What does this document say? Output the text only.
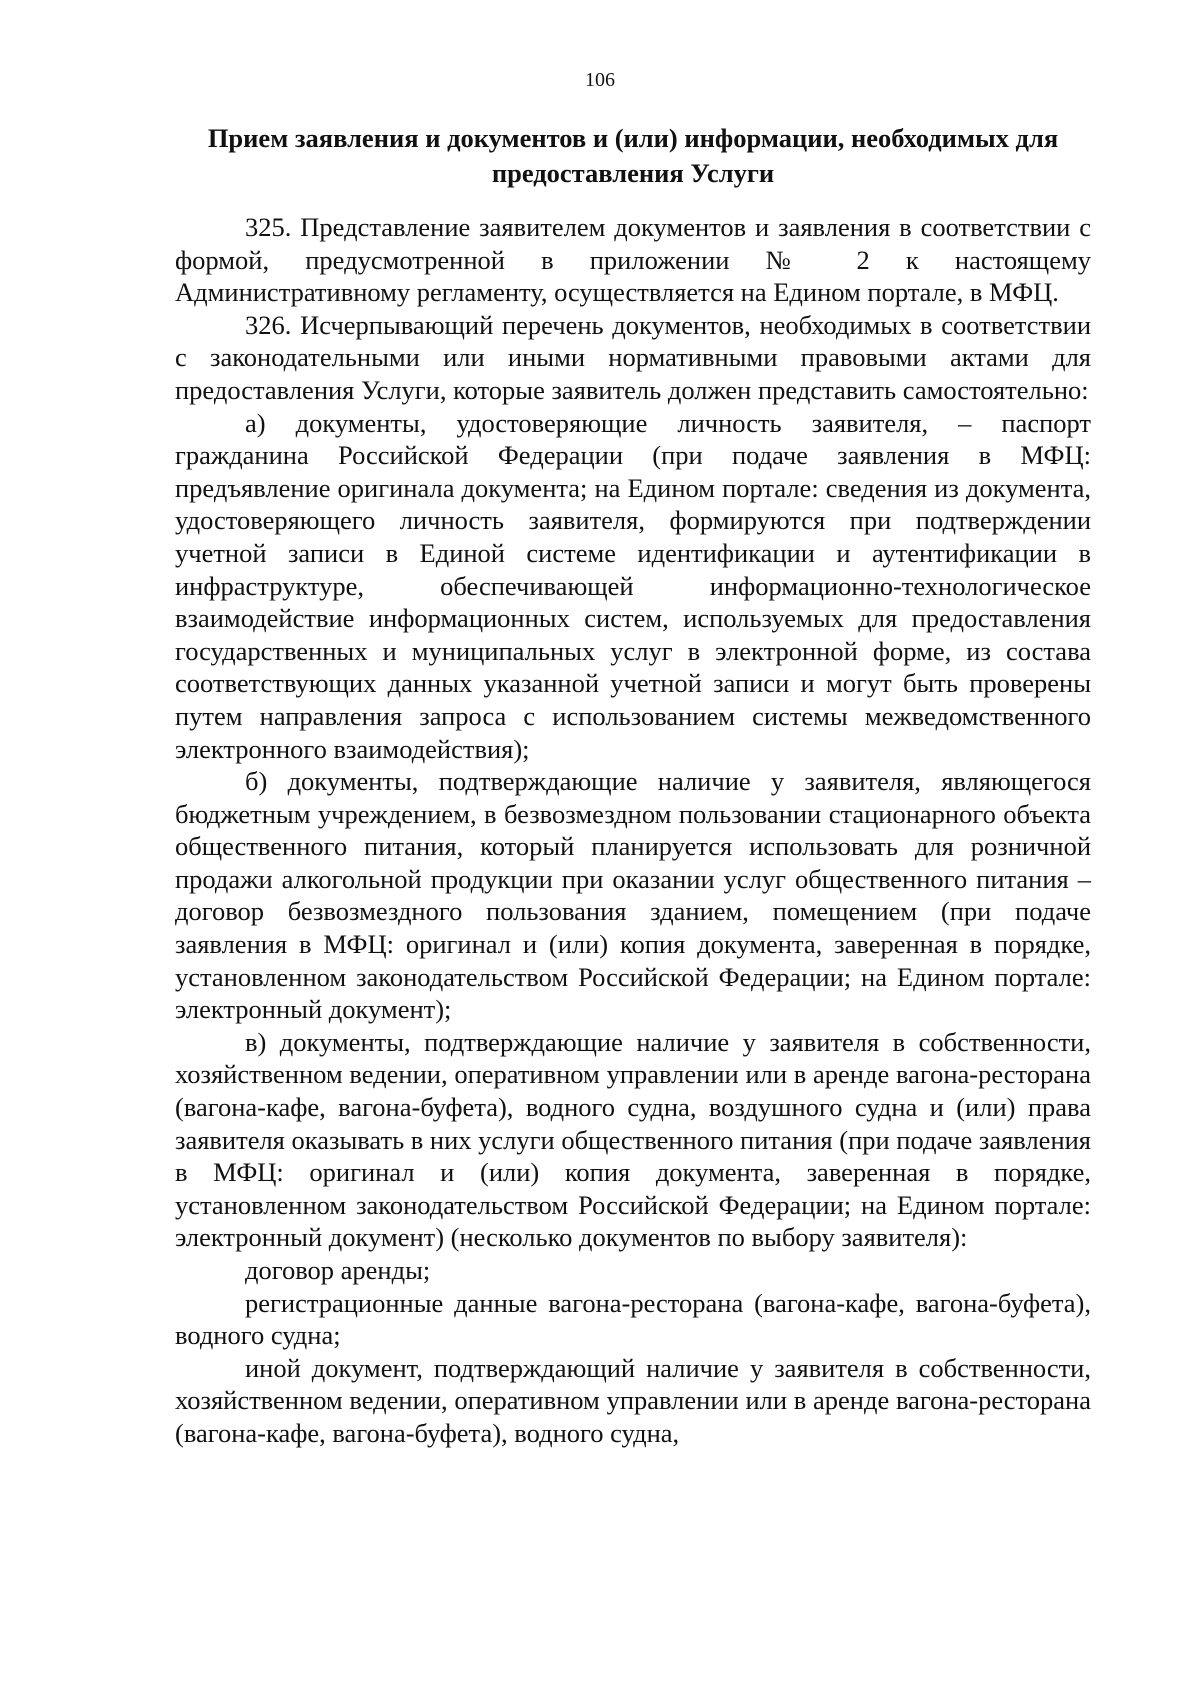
106
Прием заявления и документов и (или) информации, необходимых для предоставления Услуги

325. Представление заявителем документов и заявления в соответствии с формой, предусмотренной в приложении № 2 к настоящему Административному регламенту, осуществляется на Едином портале, в МФЦ.

326. Исчерпывающий перечень документов, необходимых в соответствии с законодательными или иными нормативными правовыми актами для предоставления Услуги, которые заявитель должен представить самостоятельно:

а) документы, удостоверяющие личность заявителя, – паспорт гражданина Российской Федерации (при подаче заявления в МФЦ: предъявление оригинала документа; на Едином портале: сведения из документа, удостоверяющего личность заявителя, формируются при подтверждении учетной записи в Единой системе идентификации и аутентификации в инфраструктуре, обеспечивающей информационно-технологическое взаимодействие информационных систем, используемых для предоставления государственных и муниципальных услуг в электронной форме, из состава соответствующих данных указанной учетной записи и могут быть проверены путем направления запроса с использованием системы межведомственного электронного взаимодействия);

б) документы, подтверждающие наличие у заявителя, являющегося бюджетным учреждением, в безвозмездном пользовании стационарного объекта общественного питания, который планируется использовать для розничной продажи алкогольной продукции при оказании услуг общественного питания – договор безвозмездного пользования зданием, помещением (при подаче заявления в МФЦ: оригинал и (или) копия документа, заверенная в порядке, установленном законодательством Российской Федерации; на Едином портале: электронный документ);

в) документы, подтверждающие наличие у заявителя в собственности, хозяйственном ведении, оперативном управлении или в аренде вагона-ресторана (вагона-кафе, вагона-буфета), водного судна, воздушного судна и (или) права заявителя оказывать в них услуги общественного питания (при подаче заявления в МФЦ: оригинал и (или) копия документа, заверенная в порядке, установленном законодательством Российской Федерации; на Едином портале: электронный документ) (несколько документов по выбору заявителя):

договор аренды;

регистрационные данные вагона-ресторана (вагона-кафе, вагона-буфета), водного судна;

иной документ, подтверждающий наличие у заявителя в собственности, хозяйственном ведении, оперативном управлении или в аренде вагона-ресторана (вагона-кафе, вагона-буфета), водного судна,
